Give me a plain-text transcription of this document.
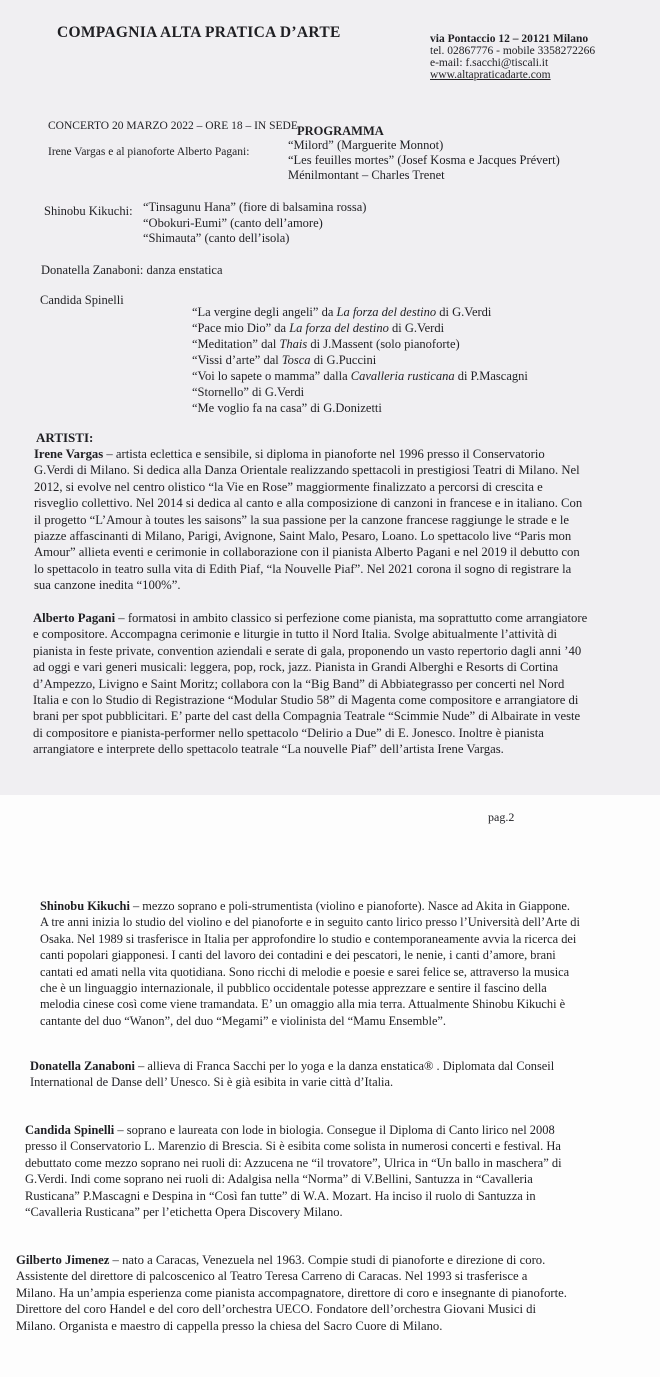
COMPAGNIA ALTA PRATICA D’ARTE	via Pontaccio 12 – 20121 Milano
tel. 02867776 - mobile 3358272266
e-mail: f.sacchi@tiscali.it
www.altapraticadarte.com
CONCERTO 20 MARZO 2022 – ORE 18 – IN SEDE PROGRAMMA
Irene Vargas e al pianoforte Alberto Pagani:	“Milord” (Marguerite Monnot)
“Les feuilles mortes” (Josef Kosma e Jacques Prévert)
Ménilmontant – Charles Trenet
Shinobu Kikuchi: “Tinsagunu Hana” (fiore di balsamina rossa)
“Obokuri-Eumi” (canto dell’amore)
“Shimauta” (canto dell’isola)
Donatella Zanaboni: danza enstatica
Candida Spinelli
“La vergine degli angeli” da La forza del destino di G.Verdi
“Pace mio Dio” da La forza del destino di G.Verdi
“Meditation” dal Thais di J.Massent (solo pianoforte)
“Vissi d’arte” dal Tosca di G.Puccini
“Voi lo sapete o mamma” dalla Cavalleria rusticana di P.Mascagni
“Stornello” di G.Verdi
“Me voglio fa na casa” di G.Donizetti
ARTISTI:
Irene Vargas – artista eclettica e sensibile, si diploma in pianoforte nel 1996 presso il Conservatorio
G.Verdi di Milano. Si dedica alla Danza Orientale realizzando spettacoli in prestigiosi Teatri di Milano. Nel
2012, si evolve nel centro olistico “la Vie en Rose” maggiormente finalizzato a percorsi di crescita e
risveglio collettivo. Nel 2014 si dedica al canto e alla composizione di canzoni in francese e in italiano. Con
il progetto “L’Amour à toutes les saisons” la sua passione per la canzone francese raggiunge le strade e le
piazze affascinanti di Milano, Parigi, Avignone, Saint Malo, Pesaro, Loano. Lo spettacolo live “Paris mon
Amour” allieta eventi e cerimonie in collaborazione con il pianista Alberto Pagani e nel 2019 il debutto con
lo spettacolo in teatro sulla vita di Edith Piaf, “la Nouvelle Piaf”. Nel 2021 corona il sogno di registrare la
sua canzone inedita “100%”.
Alberto Pagani – formatosi in ambito classico si perfezione come pianista, ma soprattutto come arrangiatore
e compositore. Accompagna cerimonie e liturgie in tutto il Nord Italia. Svolge abitualmente l’attività di
pianista in feste private, convention aziendali e serate di gala, proponendo un vasto repertorio dagli anni ’40
ad oggi e vari generi musicali: leggera, pop, rock, jazz. Pianista in Grandi Alberghi e Resorts di Cortina
d’Ampezzo, Livigno e Saint Moritz; collabora con la “Big Band” di Abbiategrasso per concerti nel Nord
Italia e con lo Studio di Registrazione “Modular Studio 58” di Magenta come compositore e arrangiatore di
brani per spot pubblicitari. E’ parte del cast della Compagnia Teatrale “Scimmie Nude” di Albairate in veste
di compositore e pianista-performer nello spettacolo “Delirio a Due” di E. Jonesco. Inoltre è pianista
arrangiatore e interprete dello spettacolo teatrale “La nouvelle Piaf” dell’artista Irene Vargas.
pag.2
Shinobu Kikuchi – mezzo soprano e poli-strumentista (violino e pianoforte). Nasce ad Akita in Giappone.
A tre anni inizia lo studio del violino e del pianoforte e in seguito canto lirico presso l’Università dell’Arte di
Osaka. Nel 1989 si trasferisce in Italia per approfondire lo studio e contemporaneamente avvia la ricerca dei
canti popolari giapponesi. I canti del lavoro dei contadini e dei pescatori, le nenie, i canti d’amore, brani
cantati ed amati nella vita quotidiana. Sono ricchi di melodie e poesie e sarei felice se, attraverso la musica
che è un linguaggio internazionale, il pubblico occidentale potesse apprezzare e sentire il fascino della
melodia cinese così come viene tramandata. E’ un omaggio alla mia terra. Attualmente Shinobu Kikuchi è
cantante del duo “Wanon”, del duo “Megami” e violinista del “Mamu Ensemble”.
Donatella Zanaboni – allieva di Franca Sacchi per lo yoga e la danza enstatica® . Diplomata dal Conseil
International de Danse dell’ Unesco. Si è già esibita in varie città d’Italia.
Candida Spinelli – soprano e laureata con lode in biologia. Consegue il Diploma di Canto lirico nel 2008
presso il Conservatorio L. Marenzio di Brescia. Si è esibita come solista in numerosi concerti e festival. Ha
debuttato come mezzo soprano nei ruoli di: Azzucena ne “il trovatore”, Ulrica in “Un ballo in maschera” di
G.Verdi. Indi come soprano nei ruoli di: Adalgisa nella “Norma” di V.Bellini, Santuzza in “Cavalleria
Rusticana” P.Mascagni e Despina in “Così fan tutte” di W.A. Mozart. Ha inciso il ruolo di Santuzza in
“Cavalleria Rusticana” per l’etichetta Opera Discovery Milano.
Gilberto Jimenez – nato a Caracas, Venezuela nel 1963. Compie studi di pianoforte e direzione di coro.
Assistente del direttore di palcoscenico al Teatro Teresa Carreno di Caracas. Nel 1993 si trasferisce a
Milano. Ha un’ampia esperienza come pianista accompagnatore, direttore di coro e insegnante di pianoforte.
Direttore del coro Handel e del coro dell’orchestra UECO. Fondatore dell’orchestra Giovani Musici di
Milano. Organista e maestro di cappella presso la chiesa del Sacro Cuore di Milano.
